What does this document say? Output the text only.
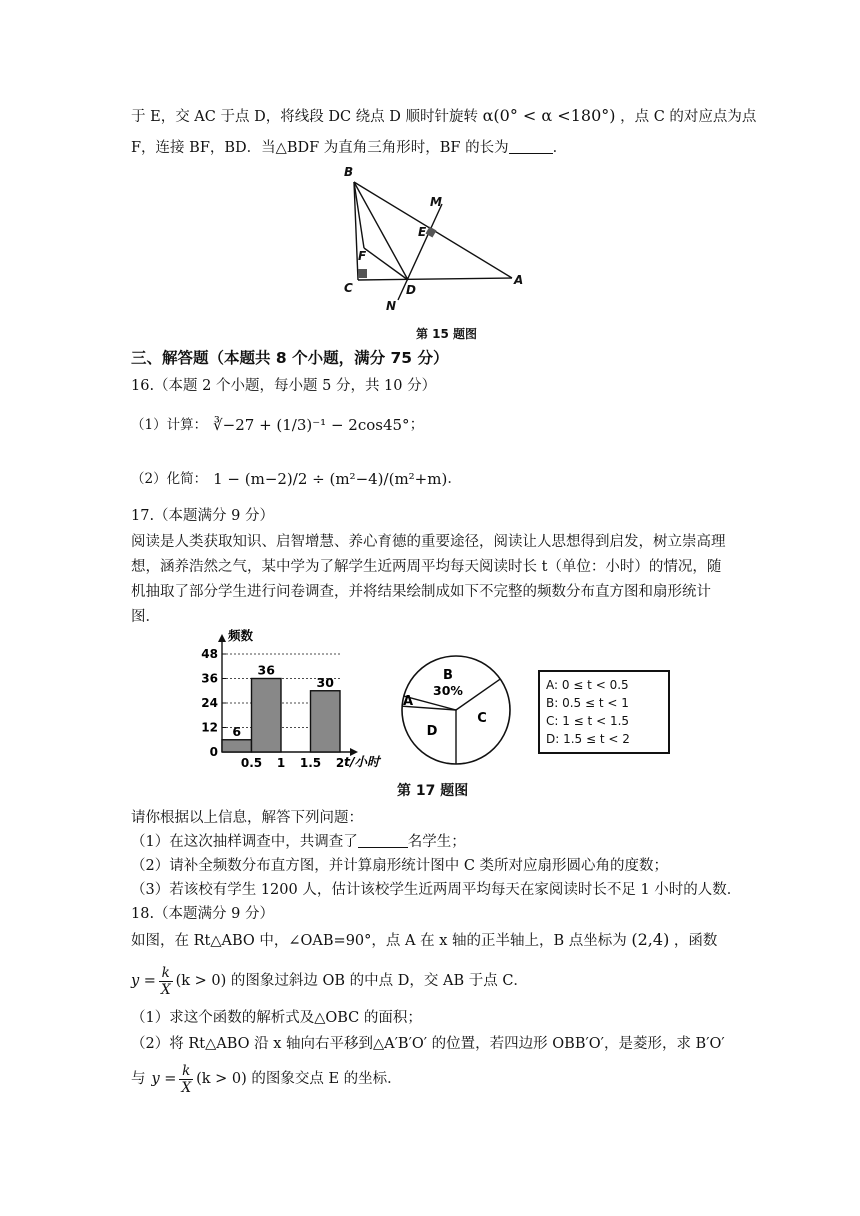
于 E，交 AC 于点 D，将线段 DC 绕点 D 顺时针旋转 α(0° < α <180°) ，点 C 的对应点为点
F，连接 BF，BD．当△BDF 为直角三角形时，BF 的长为	．
B
M
E
F
C	D
N
A
第 15 题图
三、解答题（本题共 8 个小题，满分 75 分）
16.（本题 2 个小题，每小题 5 分，共 10 分）
（1）计算： ∛−27 + (1/3)⁻¹ − 2cos45° ；
（2）化简： 1 − (m−2)/2 ÷ (m²−4)/(m²+m) ．
17.（本题满分 9 分）
阅读是人类获取知识、启智增慧、养心育德的重要途径，阅读让人思想得到启发，树立崇高理想，涵养浩然之气，某中学为了解学生近两周平均每天阅读时长 t（单位：小时）的情况，随机抽取了部分学生进行问卷调查，并将结果绘制成如下不完整的频数分布直方图和扇形统计图．
频数
t/小时
0
12
24
36
48
0.5 1 1.5 2
6
36
30
A
B
C
D
30%	A: 0 ≤ t < 0.5
B: 0.5 ≤ t < 1
C: 1 ≤ t < 1.5
D: 1.5 ≤ t < 2
第 17 题图
请你根据以上信息，解答下列问题：
（1）在这次抽样调查中，共调查了	名学生；
（2）请补全频数分布直方图，并计算扇形统计图中 C 类所对应扇形圆心角的度数；
（3）若该校有学生 1200 人，估计该校学生近两周平均每天在家阅读时长不足 1 小时的人数．
18.（本题满分 9 分）
如图，在 Rt△ABO 中，∠OAB=90°，点 A 在 x 轴的正半轴上，B 点坐标为 (2,4) ，函数
$y = \frac{k}{X} (k > 0)$ 的图象过斜边 OB 的中点 D，交 AB 于点 C．
（1）求这个函数的解析式及△OBC 的面积；
（2）将 Rt△ABO 沿 x 轴向右平移到△A′B′O′ 的位置，若四边形 OBB′O′，是菱形，求 B′O′
与 $y = \frac{k}{X} (k > 0)$ 的图象交点 E 的坐标．
